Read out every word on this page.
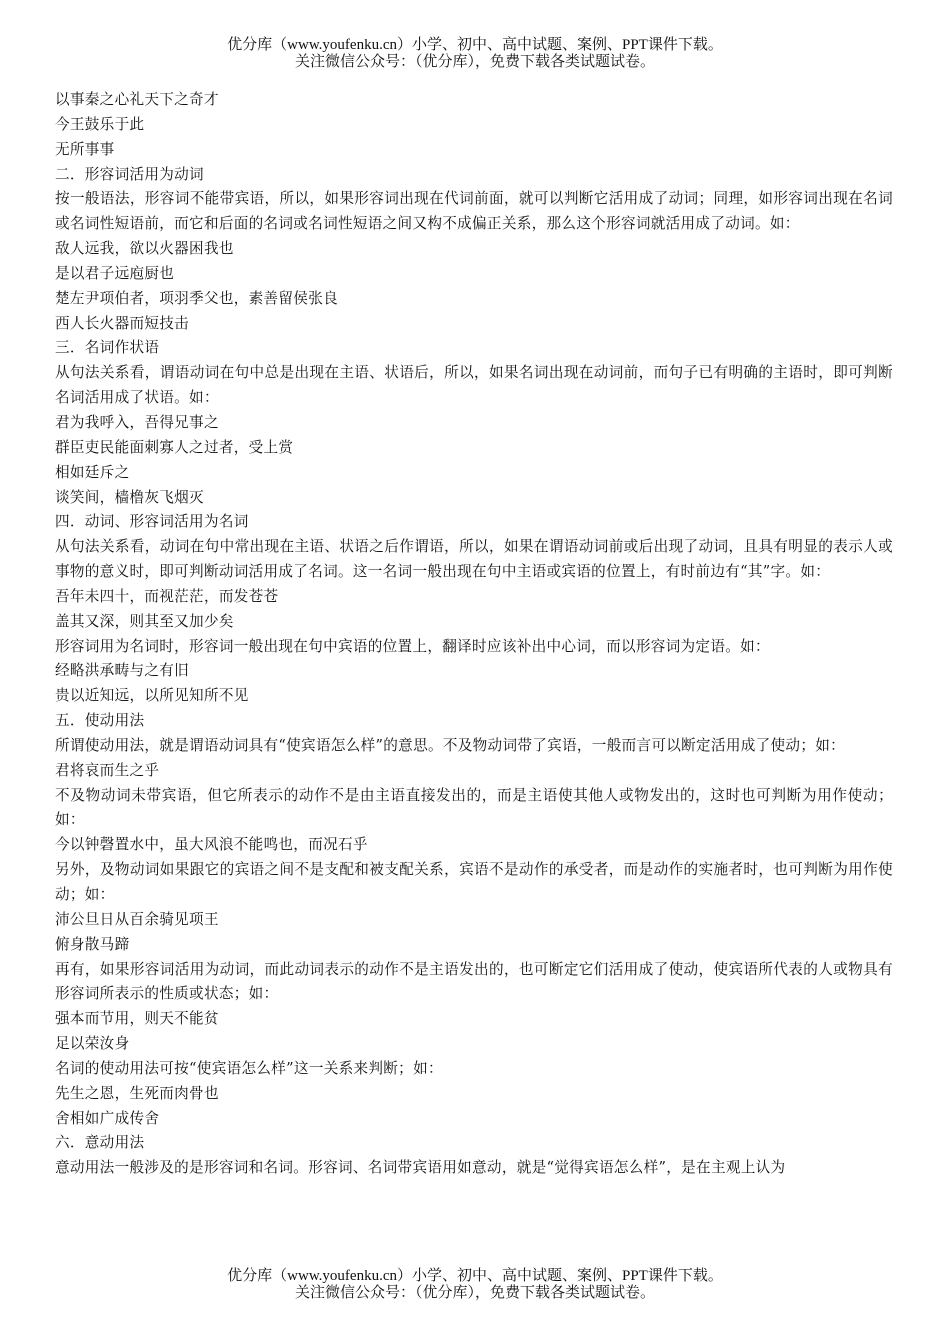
优分库（www.youfenku.cn）小学、初中、高中试题、案例、PPT课件下载。
关注微信公众号：（优分库），免费下载各类试题试卷。

以事秦之心礼天下之奇才

今王鼓乐于此

无所事事

二．形容词活用为动词

按一般语法，形容词不能带宾语，所以，如果形容词出现在代词前面，就可以判断它活用成了动词；同理，如形容词出现在名词或名词性短语前，而它和后面的名词或名词性短语之间又构不成偏正关系，那么这个形容词就活用成了动词。如：

敌人远我，欲以火器困我也

是以君子远庖厨也

楚左尹项伯者，项羽季父也，素善留侯张良

西人长火器而短技击

三．名词作状语

从句法关系看，谓语动词在句中总是出现在主语、状语后，所以，如果名词出现在动词前，而句子已有明确的主语时，即可判断名词活用成了状语。如：

君为我呼入，吾得兄事之

群臣吏民能面刺寡人之过者，受上赏

相如廷斥之

谈笑间，樯橹灰飞烟灭

四．动词、形容词活用为名词

从句法关系看，动词在句中常出现在主语、状语之后作谓语，所以，如果在谓语动词前或后出现了动词，且具有明显的表示人或事物的意义时，即可判断动词活用成了名词。这一名词一般出现在句中主语或宾语的位置上，有时前边有“其”字。如：

吾年未四十，而视茫茫，而发苍苍

盖其又深，则其至又加少矣

形容词用为名词时，形容词一般出现在句中宾语的位置上，翻译时应该补出中心词，而以形容词为定语。如：

经略洪承畴与之有旧

贵以近知远，以所见知所不见

五．使动用法

所谓使动用法，就是谓语动词具有“使宾语怎么样”的意思。不及物动词带了宾语，一般而言可以断定活用成了使动；如：

君将哀而生之乎

不及物动词未带宾语，但它所表示的动作不是由主语直接发出的，而是主语使其他人或物发出的，这时也可判断为用作使动；如：

今以钟磬置水中，虽大风浪不能鸣也，而况石乎

另外，及物动词如果跟它的宾语之间不是支配和被支配关系，宾语不是动作的承受者，而是动作的实施者时，也可判断为用作使动；如：

沛公旦日从百余骑见项王

俯身散马蹄

再有，如果形容词活用为动词，而此动词表示的动作不是主语发出的，也可断定它们活用成了使动，使宾语所代表的人或物具有形容词所表示的性质或状态；如：

强本而节用，则天不能贫

足以荣汝身

名词的使动用法可按“使宾语怎么样”这一关系来判断；如：

先生之恩，生死而肉骨也

舍相如广成传舍

六．意动用法

意动用法一般涉及的是形容词和名词。形容词、名词带宾语用如意动，就是“觉得宾语怎么样”，是在主观上认为

优分库（www.youfenku.cn）小学、初中、高中试题、案例、PPT课件下载。
关注微信公众号：（优分库），免费下载各类试题试卷。
